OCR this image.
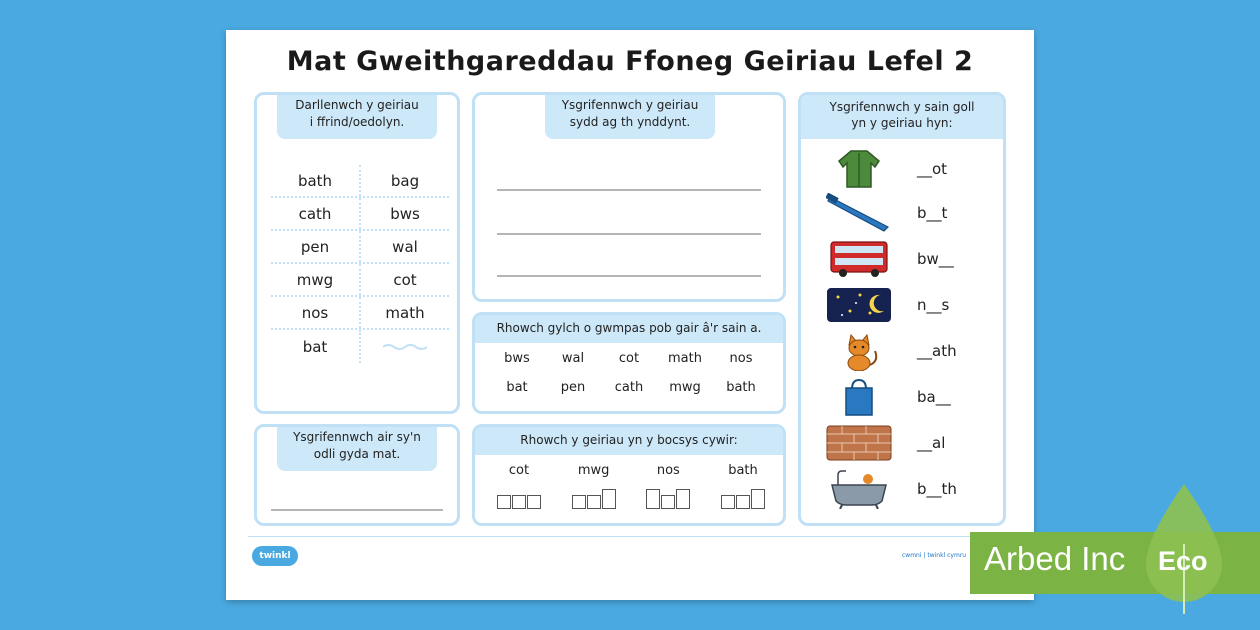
Mat Gweithgareddau Ffoneg Geiriau Lefel 2
Darllenwch y geiriau
i ffrind/oedolyn.
bath	bag
cath	bws
pen	wal
mwg	cot
nos	math
bat
Ysgrifennwch y geiriau
sydd ag th ynddynt.
Rhowch gylch o gwmpas pob gair â'r sain a.
bws	wal	cot	math	nos
bat	pen	cath	mwg	bath
Ysgrifennwch air sy'n
odli gyda mat.
Rhowch y geiriau yn y bocsys cywir:
cot	mwg	nos	bath
Ysgrifennwch y sain goll
yn y geiriau hyn:
__ot
b__t
bw__
n__s
__ath
ba__
__al
b__th
twinkl	cwmni | twinkl cymru Arbed Inc Eco
